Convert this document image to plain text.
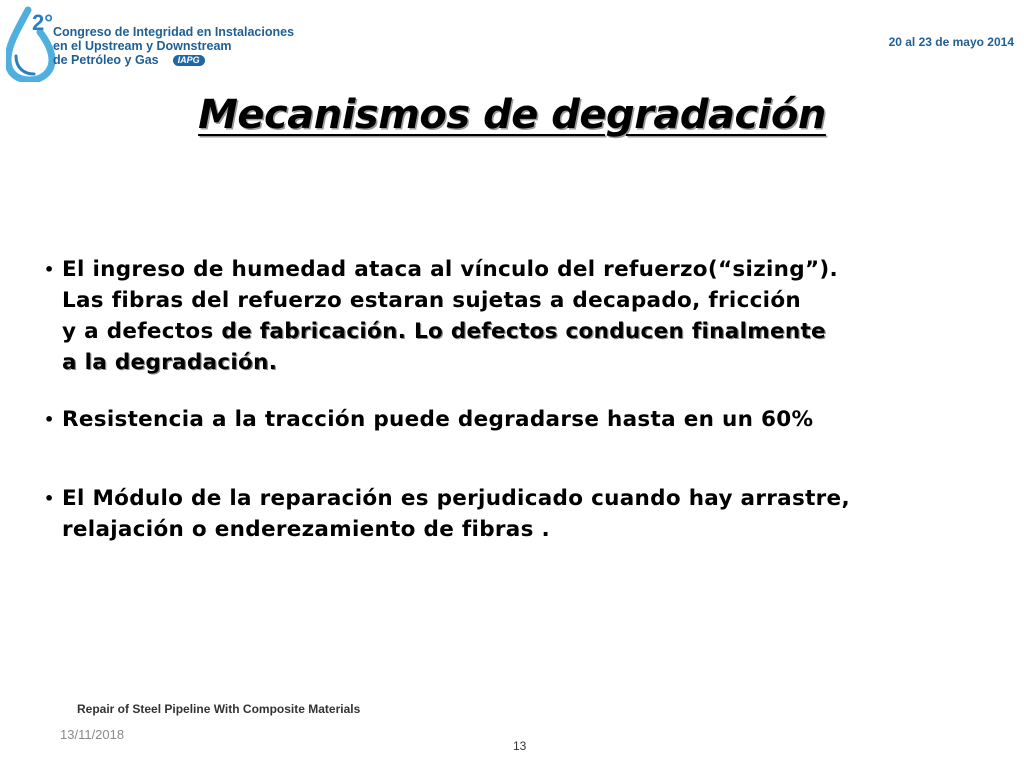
2° Congreso de Integridad en Instalaciones
en el Upstream y Downstream
de Petróleo y Gas IAPG
20 al 23 de mayo 2014
Mecanismos de degradación
• El ingreso de humedad ataca al vínculo del refuerzo(“sizing”).
Las fibras del refuerzo estaran sujetas a decapado, fricción
y a defectos de fabricación. Lo defectos conducen finalmente
a la degradación.
• Resistencia a la tracción puede degradarse hasta en un 60%
• El Módulo de la reparación es perjudicado cuando hay arrastre,
relajación o enderezamiento de fibras .
Repair of Steel Pipeline With Composite Materials
13/11/2018
13
